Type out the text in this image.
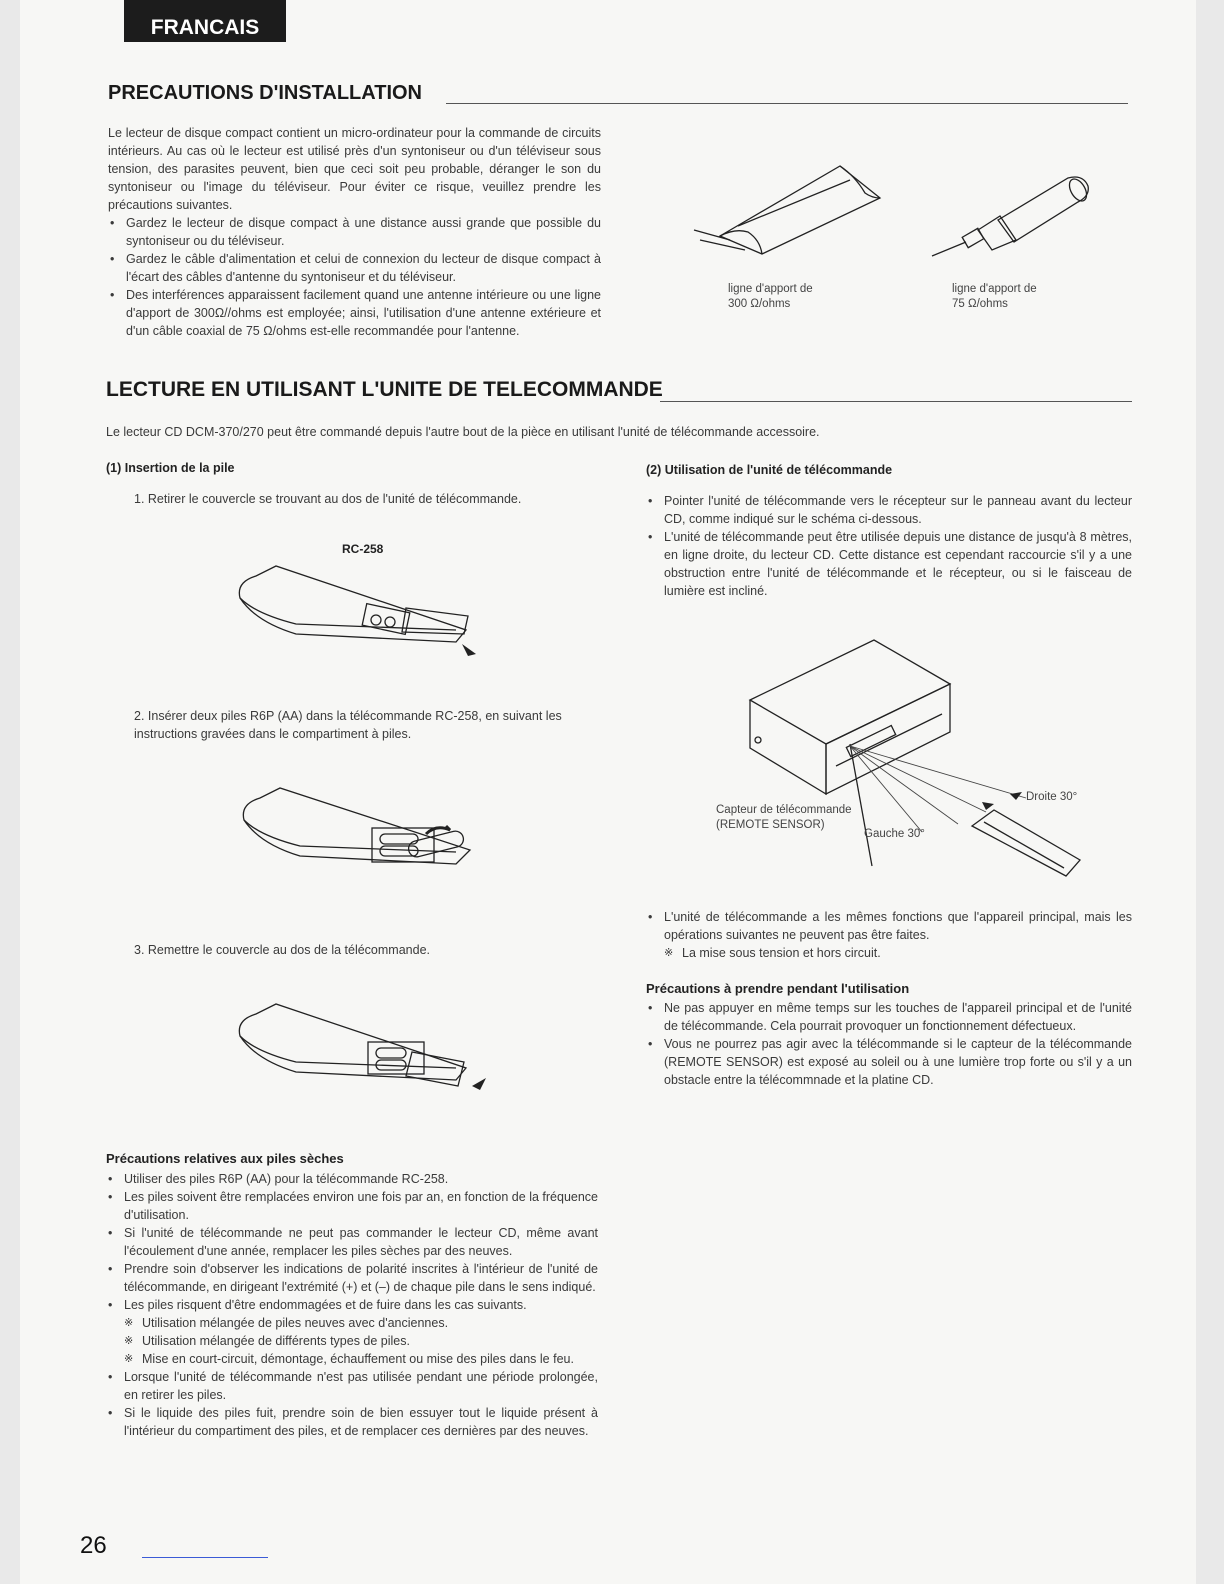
FRANCAIS
PRECAUTIONS D'INSTALLATION

Le lecteur de disque compact contient un micro-ordinateur pour la commande de circuits intérieurs. Au cas où le lecteur est utilisé près d'un syntoniseur ou d'un téléviseur sous tension, des parasites peuvent, bien que ceci soit peu probable, déranger le son du syntoniseur ou l'image du téléviseur. Pour éviter ce risque, veuillez prendre les précautions suivantes.

• Gardez le lecteur de disque compact à une distance aussi grande que possible du syntoniseur ou du téléviseur.
• Gardez le câble d'alimentation et celui de connexion du lecteur de disque compact à l'écart des câbles d'antenne du syntoniseur et du téléviseur.
• Des interférences apparaissent facilement quand une antenne intérieure ou une ligne d'apport de 300Ω//ohms est employée; ainsi, l'utilisation d'une antenne extérieure et d'un câble coaxial de 75 Ω/ohms est-elle recommandée pour l'antenne.
ligne d'apport de
300 Ω/ohms
ligne d'apport de
75 Ω/ohms
LECTURE EN UTILISANT L'UNITE DE TELECOMMANDE
Le lecteur CD DCM-370/270 peut être commandé depuis l'autre bout de la pièce en utilisant l'unité de télécommande accessoire.
(1) Insertion de la pile
1. Retirer le couvercle se trouvant au dos de l'unité de télécommande.
RC-258
2. Insérer deux piles R6P (AA) dans la télécommande RC-258, en suivant les instructions gravées dans le compartiment à piles.
3. Remettre le couvercle au dos de la télécommande.
Précautions relatives aux piles sèches
• Utiliser des piles R6P (AA) pour la télécommande RC-258.
• Les piles soivent être remplacées environ une fois par an, en fonction de la fréquence d'utilisation.
• Si l'unité de télécommande ne peut pas commander le lecteur CD, même avant l'écoulement d'une année, remplacer les piles sèches par des neuves.
• Prendre soin d'observer les indications de polarité inscrites à l'intérieur de l'unité de télécommande, en dirigeant l'extrémité (+) et (–) de chaque pile dans le sens indiqué.
• Les piles risquent d'être endommagées et de fuire dans les cas suivants.
※ Utilisation mélangée de piles neuves avec d'anciennes.
※ Utilisation mélangée de différents types de piles.
※ Mise en court-circuit, démontage, échauffement ou mise des piles dans le feu.
• Lorsque l'unité de télécommande n'est pas utilisée pendant une période prolongée, en retirer les piles.
• Si le liquide des piles fuit, prendre soin de bien essuyer tout le liquide présent à l'intérieur du compartiment des piles, et de remplacer ces dernières par des neuves.
(2) Utilisation de l'unité de télécommande
• Pointer l'unité de télécommande vers le récepteur sur le panneau avant du lecteur CD, comme indiqué sur le schéma ci-dessous.
• L'unité de télécommande peut être utilisée depuis une distance de jusqu'à 8 mètres, en ligne droite, du lecteur CD. Cette distance est cependant raccourcie s'il y a une obstruction entre l'unité de télécommande et le récepteur, ou si le faisceau de lumière est incliné.
Capteur de télécommande
(REMOTE SENSOR)
Droite 30°
Gauche 30°
• L'unité de télécommande a les mêmes fonctions que l'appareil principal, mais les opérations suivantes ne peuvent pas être faites.
※ La mise sous tension et hors circuit.
Précautions à prendre pendant l'utilisation
• Ne pas appuyer en même temps sur les touches de l'appareil principal et de l'unité de télécommande. Cela pourrait provoquer un fonctionnement défectueux.
• Vous ne pourrez pas agir avec la télécommande si le capteur de la télécommande (REMOTE SENSOR) est exposé au soleil ou à une lumière trop forte ou s'il y a un obstacle entre la télécommnade et la platine CD.
26
